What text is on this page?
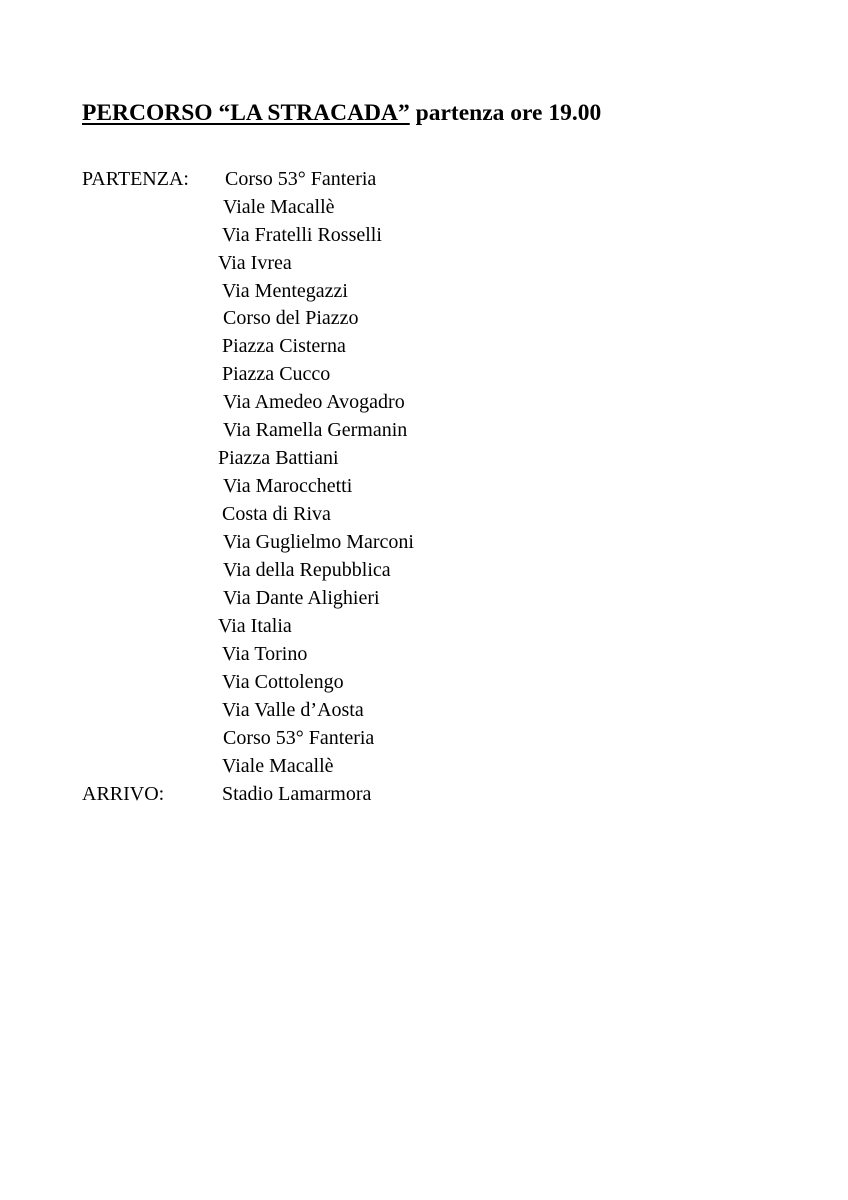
PERCORSO “LA STRACADA” partenza ore 19.00
PARTENZA: Corso 53° Fanteria
Viale Macallè
Via Fratelli Rosselli
Via Ivrea
Via Mentegazzi
Corso del Piazzo
Piazza Cisterna
Piazza Cucco
Via Amedeo Avogadro
Via Ramella Germanin
Piazza Battiani
Via Marocchetti
Costa di Riva
Via Guglielmo Marconi
Via della Repubblica
Via Dante Alighieri
Via Italia
Via Torino
Via Cottolengo
Via Valle d’Aosta
Corso 53° Fanteria
Viale Macallè
ARRIVO:	Stadio Lamarmora
